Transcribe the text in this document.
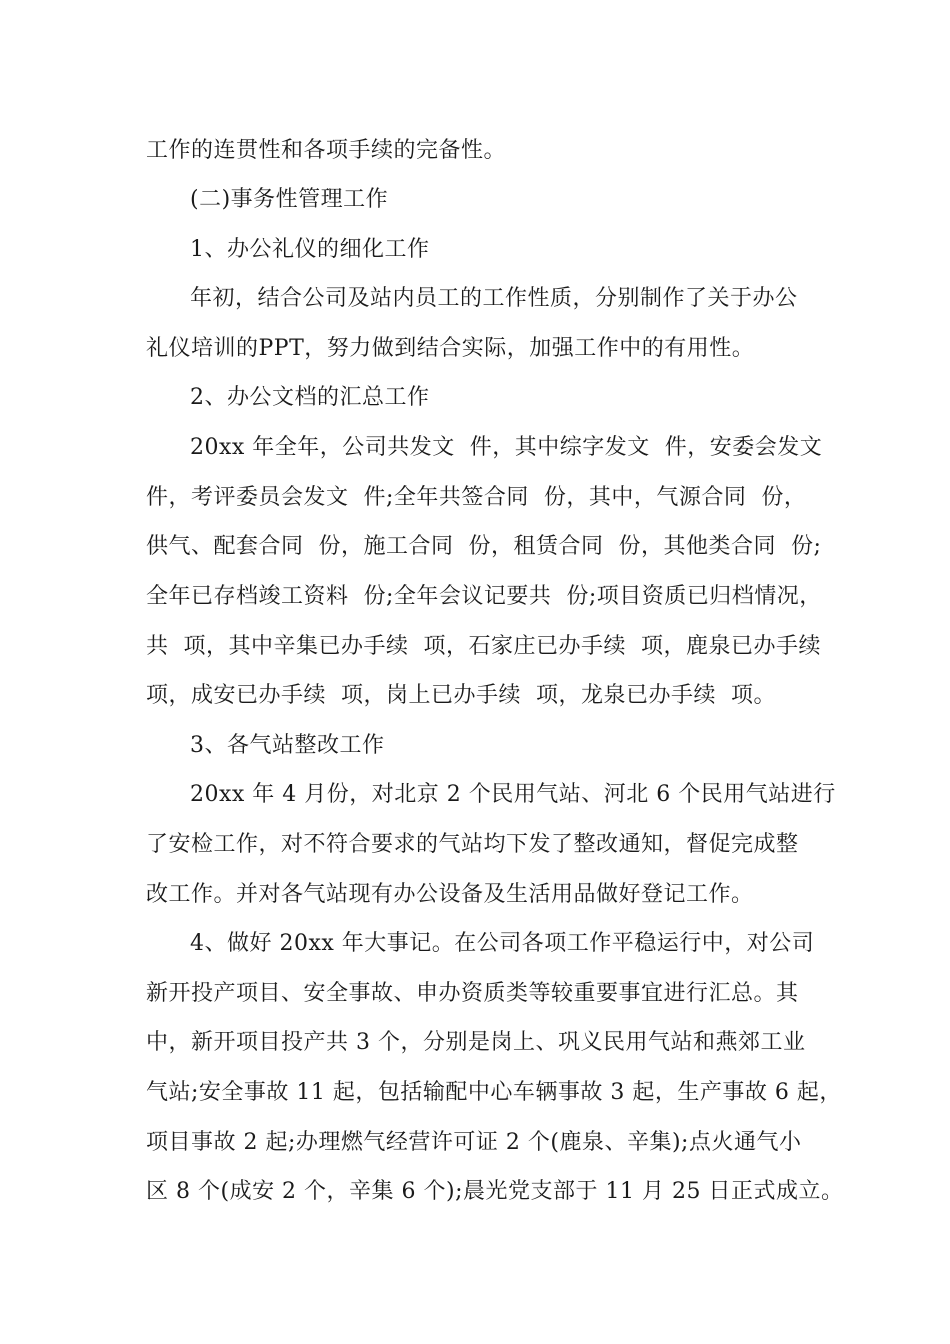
工作的连贯性和各项手续的完备性。
(二)事务性管理工作
1、办公礼仪的细化工作
年初，结合公司及站内员工的工作性质，分别制作了关于办公
礼仪培训的PPT，努力做到结合实际，加强工作中的有用性。
2、办公文档的汇总工作
20xx 年全年，公司共发文  件，其中综字发文  件，安委会发文
件，考评委员会发文  件;全年共签合同  份，其中，气源合同  份，
供气、配套合同  份，施工合同  份，租赁合同  份，其他类合同  份;
全年已存档竣工资料  份;全年会议记要共  份;项目资质已归档情况，
共  项，其中辛集已办手续  项，石家庄已办手续  项，鹿泉已办手续
项，成安已办手续  项，岗上已办手续  项，龙泉已办手续  项。
3、各气站整改工作
20xx 年 4 月份，对北京 2 个民用气站、河北 6 个民用气站进行
了安检工作，对不符合要求的气站均下发了整改通知，督促完成整
改工作。并对各气站现有办公设备及生活用品做好登记工作。
4、做好 20xx 年大事记。在公司各项工作平稳运行中，对公司
新开投产项目、安全事故、申办资质类等较重要事宜进行汇总。其
中，新开项目投产共 3 个，分别是岗上、巩义民用气站和燕郊工业
气站;安全事故 11 起，包括输配中心车辆事故 3 起，生产事故 6 起，
项目事故 2 起;办理燃气经营许可证 2 个(鹿泉、辛集);点火通气小
区 8 个(成安 2 个，辛集 6 个);晨光党支部于 11 月 25 日正式成立。
